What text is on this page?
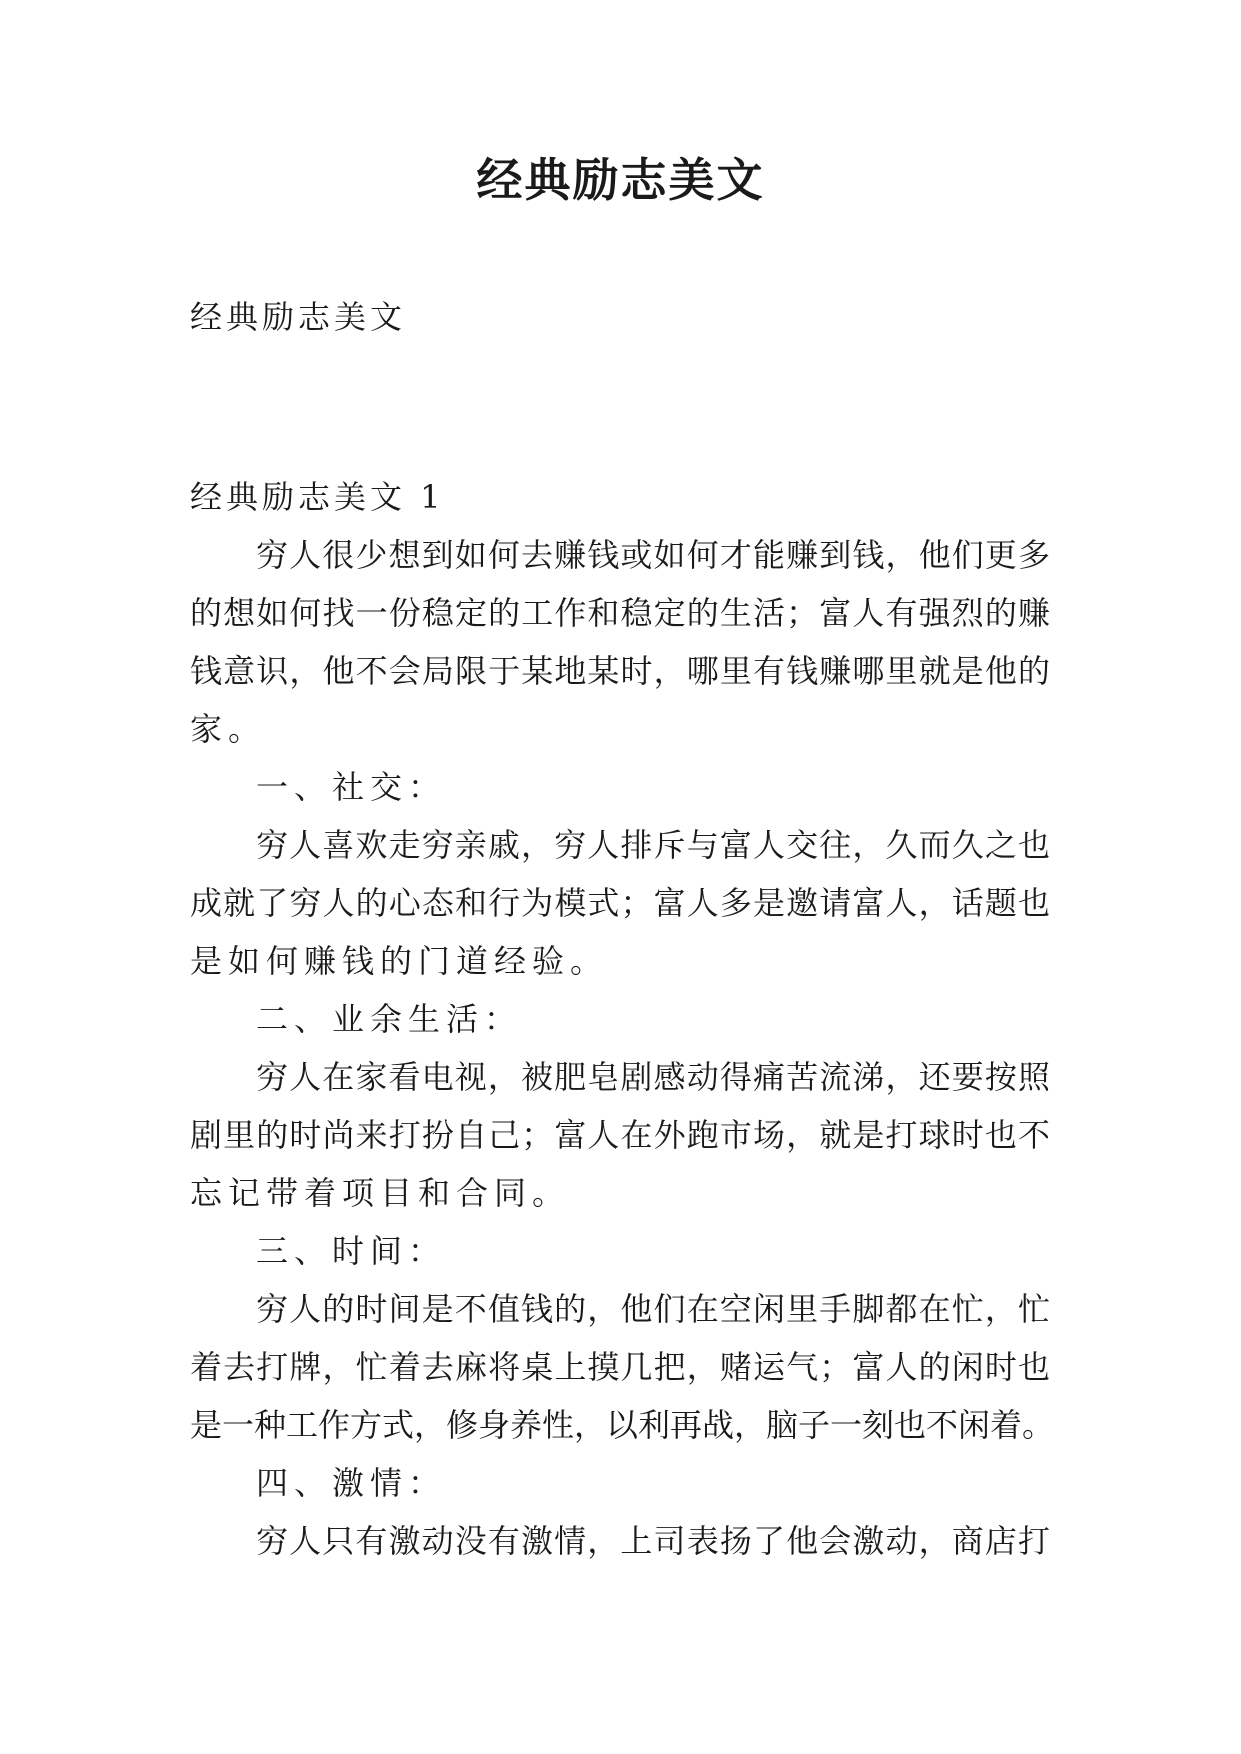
经典励志美文

经典励志美文

经典励志美文 1

穷人很少想到如何去赚钱或如何才能赚到钱，他们更多

的想如何找一份稳定的工作和稳定的生活；富人有强烈的赚

钱意识，他不会局限于某地某时，哪里有钱赚哪里就是他的

家。

一、社交：

穷人喜欢走穷亲戚，穷人排斥与富人交往，久而久之也

成就了穷人的心态和行为模式；富人多是邀请富人，话题也

是如何赚钱的门道经验。

二、业余生活：

穷人在家看电视，被肥皂剧感动得痛苦流涕，还要按照

剧里的时尚来打扮自己；富人在外跑市场，就是打球时也不

忘记带着项目和合同。

三、时间：

穷人的时间是不值钱的，他们在空闲里手脚都在忙，忙

着去打牌，忙着去麻将桌上摸几把，赌运气；富人的闲时也

是一种工作方式，修身养性，以利再战，脑子一刻也不闲着。

四、激情：

穷人只有激动没有激情，上司表扬了他会激动，商店打
